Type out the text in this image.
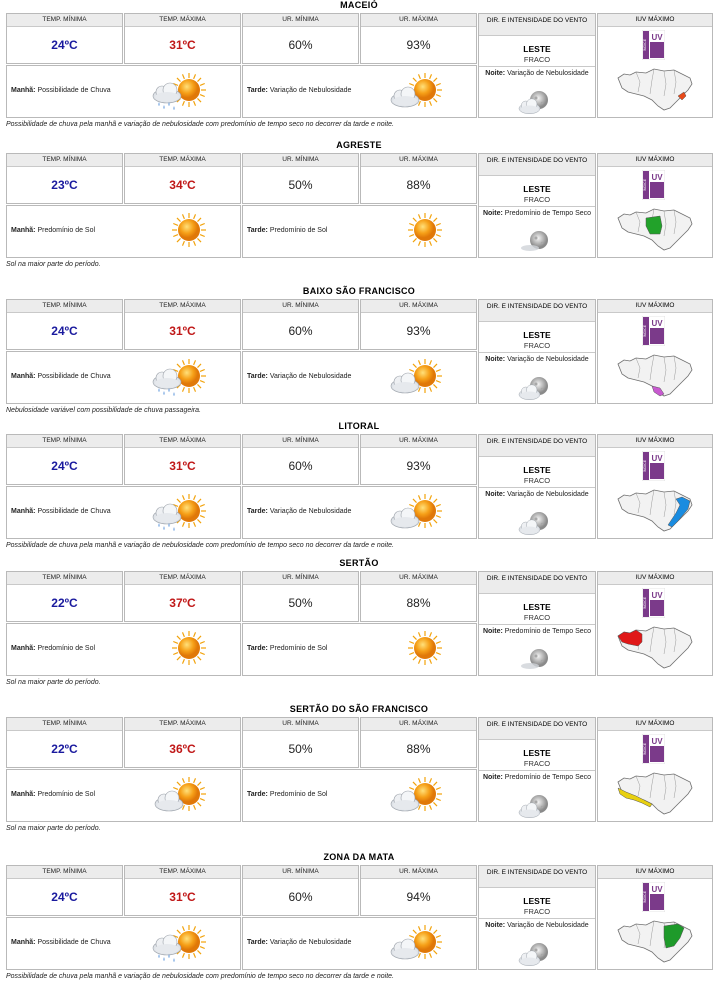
MACEIÓ
TEMP. MÍNIMA
24ºC
TEMP. MÁXIMA
31ºC
UR. MÍNIMA
60%
UR. MÁXIMA
93%
DIR. E INTENSIDADE DO VENTO
LESTE
FRACO
Noite: Variação de Nebulosidade
IUV MÁXIMO
ÍNDICE
UV
Manhã: Possibilidade de Chuva	Tarde: Variação de Nebulosidade
Possibilidade de chuva pela manhã e variação de nebulosidade com predomínio de tempo seco no decorrer da tarde e noite.
AGRESTE
TEMP. MÍNIMA
23ºC
TEMP. MÁXIMA
34ºC
UR. MÍNIMA
50%
UR. MÁXIMA
88%
DIR. E INTENSIDADE DO VENTO
LESTE
FRACO
Noite: Predomínio de Tempo Seco
IUV MÁXIMO
ÍNDICE
UV
Manhã: Predomínio de Sol	Tarde: Predomínio de Sol
Sol na maior parte do período.
BAIXO SÃO FRANCISCO
TEMP. MÍNIMA
24ºC
TEMP. MÁXIMA
31ºC
UR. MÍNIMA
60%
UR. MÁXIMA
93%
DIR. E INTENSIDADE DO VENTO
LESTE
FRACO
Noite: Variação de Nebulosidade
IUV MÁXIMO
ÍNDICE
UV
Manhã: Possibilidade de Chuva	Tarde: Variação de Nebulosidade
Nebulosidade variável com possibilidade de chuva passageira.
LITORAL
TEMP. MÍNIMA
24ºC
TEMP. MÁXIMA
31ºC
UR. MÍNIMA
60%
UR. MÁXIMA
93%
DIR. E INTENSIDADE DO VENTO
LESTE
FRACO
Noite: Variação de Nebulosidade
IUV MÁXIMO
ÍNDICE
UV
Manhã: Possibilidade de Chuva	Tarde: Variação de Nebulosidade
Possibilidade de chuva pela manhã e variação de nebulosidade com predomínio de tempo seco no decorrer da tarde e noite.
SERTÃO
TEMP. MÍNIMA
22ºC
TEMP. MÁXIMA
37ºC
UR. MÍNIMA
50%
UR. MÁXIMA
88%
DIR. E INTENSIDADE DO VENTO
LESTE
FRACO
Noite: Predomínio de Tempo Seco
IUV MÁXIMO
ÍNDICE
UV
Manhã: Predomínio de Sol	Tarde: Predomínio de Sol
Sol na maior parte do período.
SERTÃO DO SÃO FRANCISCO
TEMP. MÍNIMA
22ºC
TEMP. MÁXIMA
36ºC
UR. MÍNIMA
50%
UR. MÁXIMA
88%
DIR. E INTENSIDADE DO VENTO
LESTE
FRACO
Noite: Predomínio de Tempo Seco
IUV MÁXIMO
ÍNDICE
UV
Manhã: Predomínio de Sol	Tarde: Predomínio de Sol
Sol na maior parte do período.
ZONA DA MATA
TEMP. MÍNIMA
24ºC
TEMP. MÁXIMA
31ºC
UR. MÍNIMA
60%
UR. MÁXIMA
94%
DIR. E INTENSIDADE DO VENTO
LESTE
FRACO
Noite: Variação de Nebulosidade
IUV MÁXIMO
ÍNDICE
UV
Manhã: Possibilidade de Chuva	Tarde: Variação de Nebulosidade
Possibilidade de chuva pela manhã e variação de nebulosidade com predomínio de tempo seco no decorrer da tarde e noite.
